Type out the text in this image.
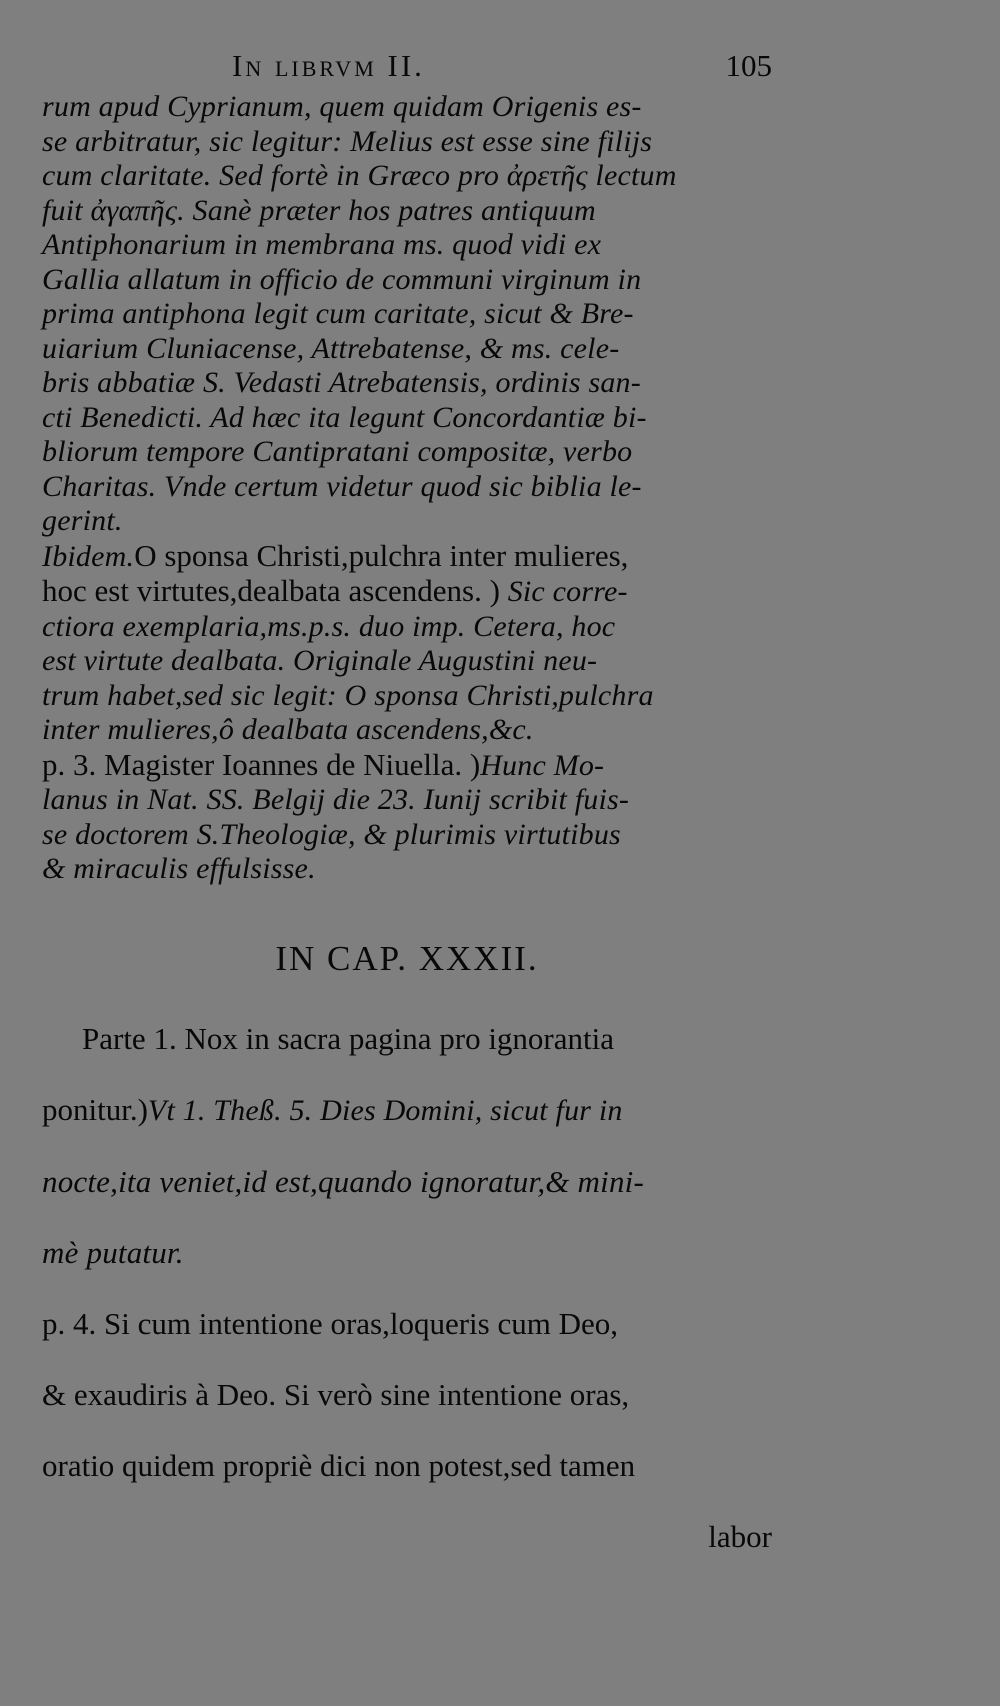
In librvm II.	105

rum apud Cyprianum, quem quidam Origenis es-

se arbitratur, sic legitur: Melius est esse sine filijs

cum claritate. Sed fortè in Græco pro ἀρετῆς lectum

fuit ἀγαπῆς. Sanè præter hos patres antiquum

Antiphonarium in membrana ms. quod vidi ex

Gallia allatum in officio de communi virginum in

prima antiphona legit cum caritate, sicut & Bre-

uiarium Cluniacense, Attrebatense, & ms. cele-

bris abbatiæ S. Vedasti Atrebatensis, ordinis san-

cti Benedicti. Ad hæc ita legunt Concordantiæ bi-

bliorum tempore Cantipratani compositæ, verbo

Charitas. Vnde certum videtur quod sic biblia le-

gerint.

Ibidem.O sponsa Christi,pulchra inter mulieres,

hoc est virtutes,dealbata ascendens. ) Sic corre-

ctiora exemplaria,ms.p.s. duo imp. Cetera, hoc

est virtute dealbata. Originale Augustini neu-

trum habet,sed sic legit: O sponsa Christi,pulchra

inter mulieres,ô dealbata ascendens,&c.

p. 3. Magister Ioannes de Niuella. )Hunc Mo-

lanus in Nat. SS. Belgij die 23. Iunij scribit fuis-

se doctorem S.Theologiæ, & plurimis virtutibus

& miraculis effulsisse.

IN CAP. XXXII.

Parte 1. Nox in sacra pagina pro ignorantia

ponitur.)Vt 1. Theß. 5. Dies Domini, sicut fur in

nocte,ita veniet,id est,quando ignoratur,& mini-

mè putatur.

p. 4. Si cum intentione oras,loqueris cum Deo,

& exaudiris à Deo. Si verò sine intentione oras,

oratio quidem propriè dici non potest,sed tamen

labor
